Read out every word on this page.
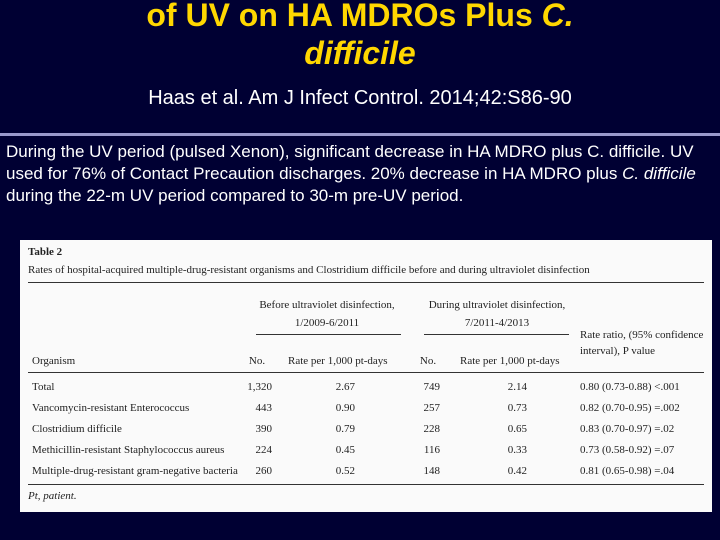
of UV on HA MDROs Plus C.
difficile
Haas et al. Am J Infect Control. 2014;42:S86-90
During the UV period (pulsed Xenon), significant decrease in HA MDRO plus C. difficile. UV used for 76% of Contact Precaution discharges. 20% decrease in HA MDRO plus C. difficile during the 22-m UV period compared to 30-m pre-UV period.
Table 2
Rates of hospital-acquired multiple-drug-resistant organisms and Clostridium difficile before and during ultraviolet disinfection
Before ultraviolet disinfection,
1/2009-6/2011
During ultraviolet disinfection,
7/2011-4/2013
Rate ratio, (95% confidence
interval), P value
Organism	No.	Rate per 1,000 pt-days	No.	Rate per 1,000 pt-days
Total	1,320	2.67	749	2.14	0.80 (0.73-0.88) <.001
Vancomycin-resistant Enterococcus	443	0.90	257	0.73	0.82 (0.70-0.95) =.002
Clostridium difficile	390	0.79	228	0.65	0.83 (0.70-0.97) =.02
Methicillin-resistant Staphylococcus aureus	224	0.45	116	0.33	0.73 (0.58-0.92) =.07
Multiple-drug-resistant gram-negative bacteria	260	0.52	148	0.42	0.81 (0.65-0.98) =.04
Pt, patient.
